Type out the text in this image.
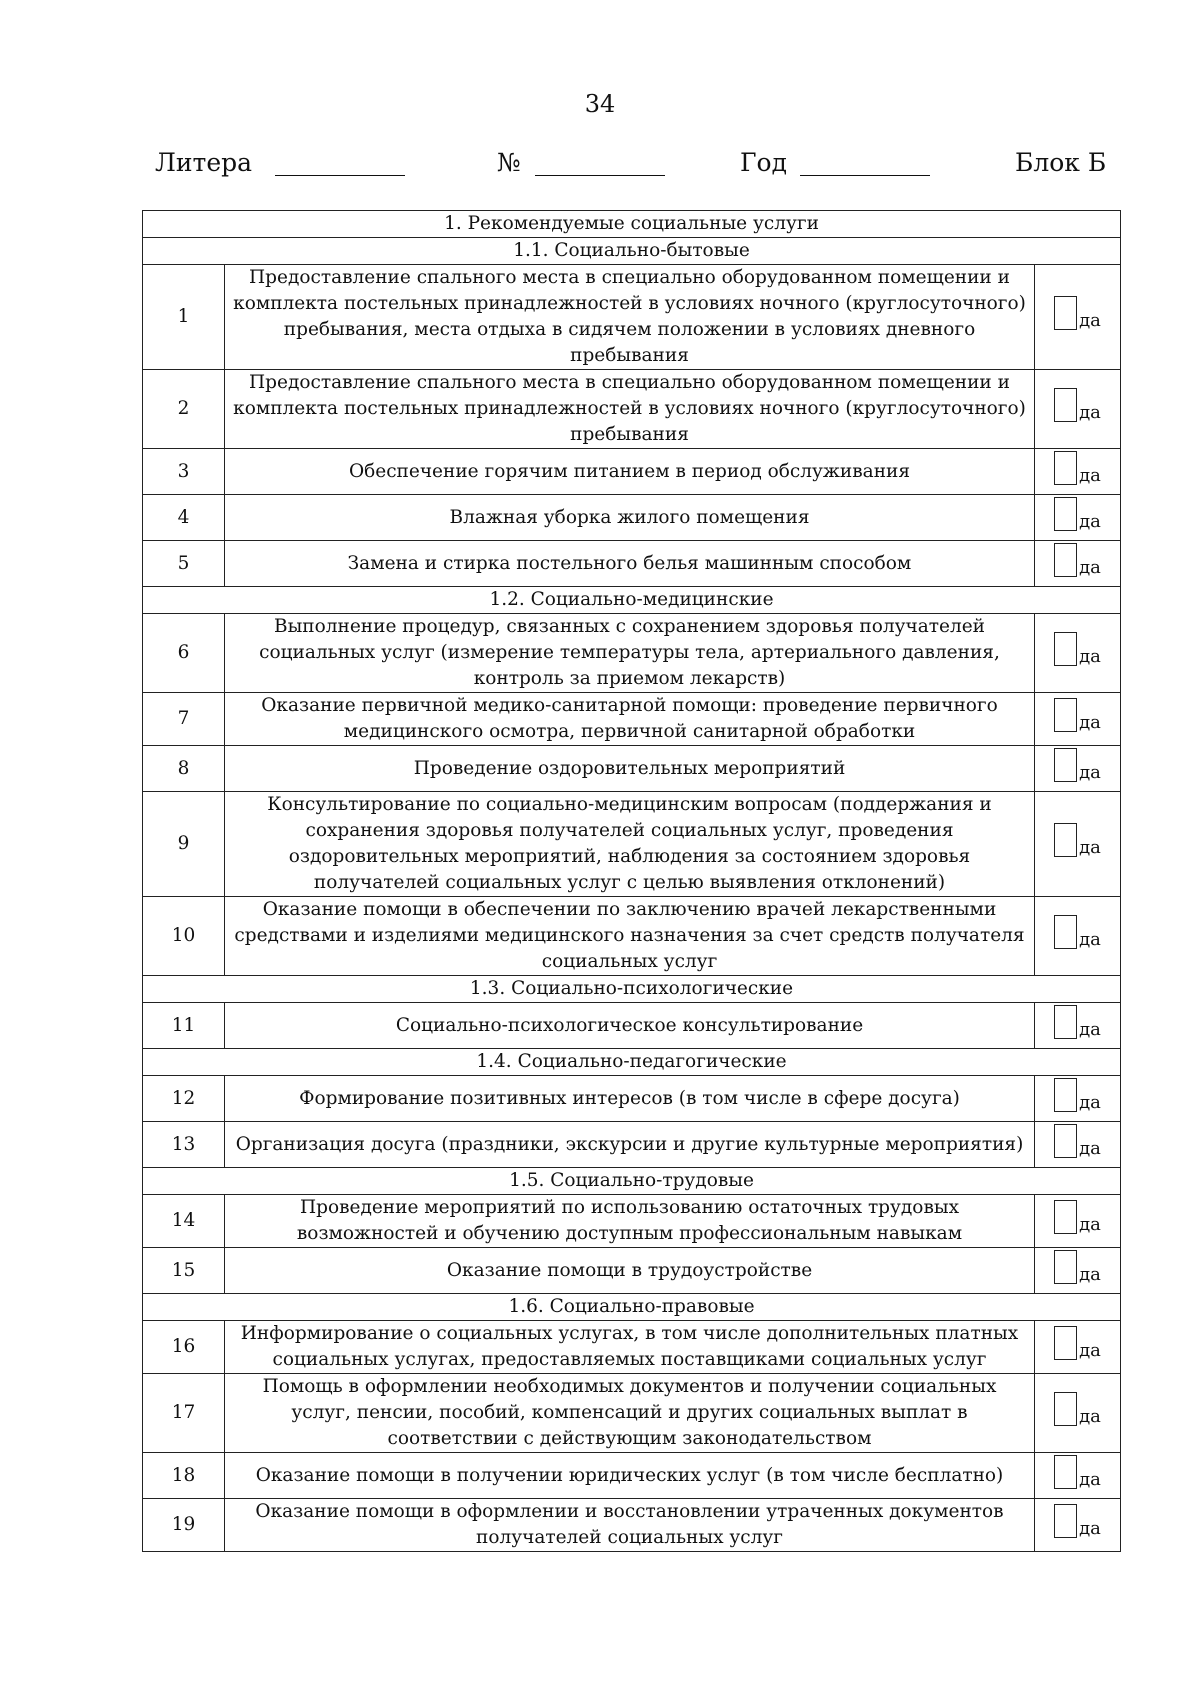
34
Литера	№	Год	Блок Б
1. Рекомендуемые социальные услуги		
1.1. Социально-бытовые		
1	Предоставление спального места в специально оборудованном помещении и комплекта постельных принадлежностей в условиях ночного (круглосуточного) пребывания, места отдыха в сидячем положении в условиях дневного пребывания	да

2	Предоставление спального места в специально оборудованном помещении и комплекта постельных принадлежностей в условиях ночного (круглосуточного) пребывания	да

3	Обеспечение горячим питанием в период обслуживания	да

4	Влажная уборка жилого помещения	да

5	Замена и стирка постельного белья машинным способом	да

1.2. Социально-медицинские		
6	Выполнение процедур, связанных с сохранением здоровья получателей социальных услуг (измерение температуры тела, артериального давления, контроль за приемом лекарств)	да

7	Оказание первичной медико-санитарной помощи: проведение первичного медицинского осмотра, первичной санитарной обработки	да

8	Проведение оздоровительных мероприятий	да

9	Консультирование по социально-медицинским вопросам (поддержания и сохранения здоровья получателей социальных услуг, проведения оздоровительных мероприятий, наблюдения за состоянием здоровья получателей социальных услуг с целью выявления отклонений)	да

10	Оказание помощи в обеспечении по заключению врачей лекарственными средствами и изделиями медицинского назначения за счет средств получателя социальных услуг	да

1.3. Социально-психологические		
11	Социально-психологическое консультирование	да

1.4. Социально-педагогические		
12	Формирование позитивных интересов (в том числе в сфере досуга)	да

13	Организация досуга (праздники, экскурсии и другие культурные мероприятия)	да

1.5. Социально-трудовые		
14	Проведение мероприятий по использованию остаточных трудовых возможностей и обучению доступным профессиональным навыкам	да

15	Оказание помощи в трудоустройстве	да

1.6. Социально-правовые		
16	Информирование о социальных услугах, в том числе дополнительных платных социальных услугах, предоставляемых поставщиками социальных услуг	да

17	Помощь в оформлении необходимых документов и получении социальных услуг, пенсии, пособий, компенсаций и других социальных выплат в соответствии с действующим законодательством	да

18	Оказание помощи в получении юридических услуг (в том числе бесплатно)	да

19	Оказание помощи в оформлении и восстановлении утраченных документов получателей социальных услуг	да
